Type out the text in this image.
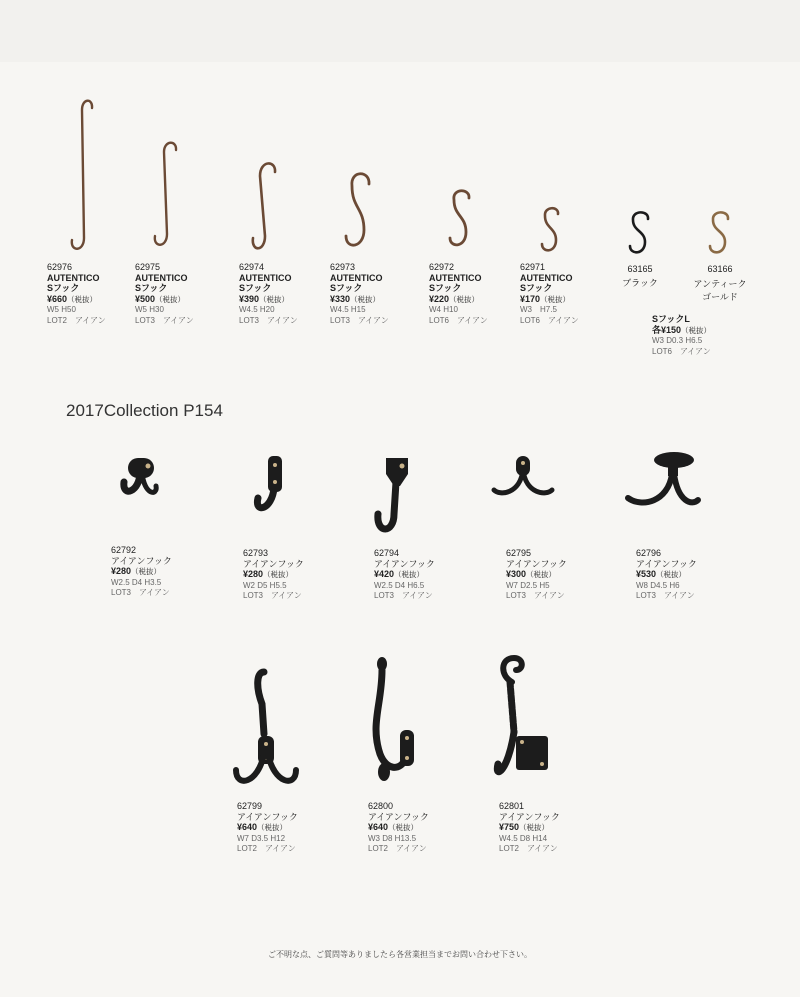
62976
AUTENTICO
Sフック
¥660（税抜）
W5 H50
LOT2　アイアン
62975
AUTENTICO
Sフック
¥500（税抜）
W5 H30
LOT3　アイアン
62974
AUTENTICO
Sフック
¥390（税抜）
W4.5 H20
LOT3　アイアン
62973
AUTENTICO
Sフック
¥330（税抜）
W4.5 H15
LOT3　アイアン
62972
AUTENTICO
Sフック
¥220（税抜）
W4 H10
LOT6　アイアン
62971
AUTENTICO
Sフック
¥170（税抜）
W3　H7.5
LOT6　アイアン
63165
ブラック
63166
アンティーク
ゴールド
SフックL
各¥150（税抜）
W3 D0.3 H6.5
LOT6　アイアン
2017Collection P154
62792
アイアンフック
¥280（税抜）
W2.5 D4 H3.5
LOT3　アイアン
62793
アイアンフック
¥280（税抜）
W2 D5 H5.5
LOT3　アイアン
62794
アイアンフック
¥420（税抜）
W2.5 D4 H6.5
LOT3　アイアン
62795
アイアンフック
¥300（税抜）
W7 D2.5 H5
LOT3　アイアン
62796
アイアンフック
¥530（税抜）
W8 D4.5 H6
LOT3　アイアン
62799
アイアンフック
¥640（税抜）
W7 D3.5 H12
LOT2　アイアン
62800
アイアンフック
¥640（税抜）
W3 D8 H13.5
LOT2　アイアン
62801
アイアンフック
¥750（税抜）
W4.5 D8 H14
LOT2　アイアン
ご不明な点、ご質問等ありましたら各営業担当までお問い合わせ下さい。
